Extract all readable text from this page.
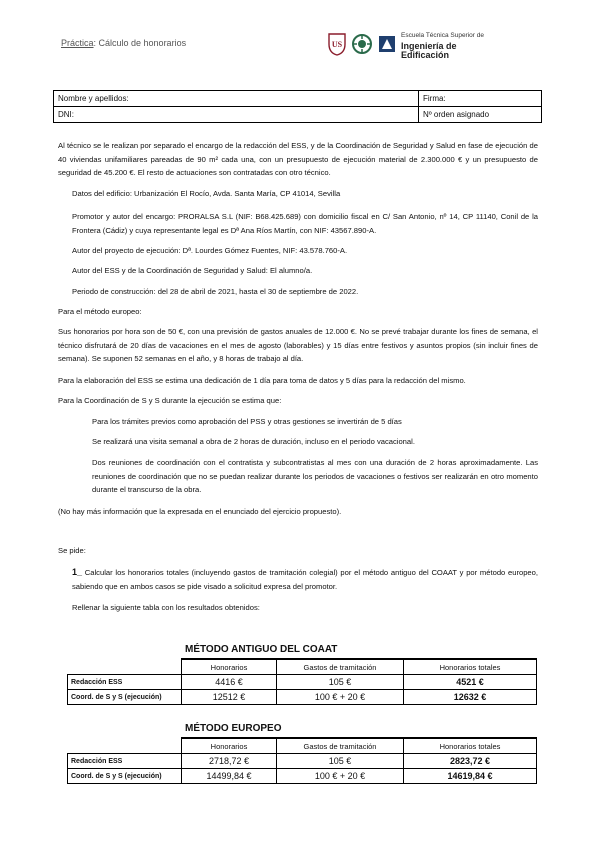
Práctica: Cálculo de honorarios	US
Escuela Técnica Superior de
Ingeniería de Edificación
Nombre y apellidos:	Firma:
DNI:	Nº orden asignado
Al técnico se le realizan por separado el encargo de la redacción del ESS, y de la Coordinación de Seguridad y Salud en fase de ejecución de 40 viviendas unifamiliares pareadas de 90 m² cada una, con un presupuesto de ejecución material de 2.300.000 € y un presupuesto de seguridad de 45.200 €. El resto de actuaciones son contratadas con otro técnico.
Datos del edificio: Urbanización El Rocío, Avda. Santa María, CP 41014, Sevilla
Promotor y autor del encargo: PRORALSA S.L (NIF: B68.425.689) con domicilio fiscal en C/ San Antonio, nº 14, CP 11140, Conil de la Frontera (Cádiz) y cuya representante legal es Dª Ana Ríos Martín, con NIF: 43567.890-A.
Autor del proyecto de ejecución: Dª. Lourdes Gómez Fuentes, NIF: 43.578.760-A.
Autor del ESS y de la Coordinación de Seguridad y Salud: El alumno/a.
Periodo de construcción: del 28 de abril de 2021, hasta el 30 de septiembre de 2022.
Para el método europeo:
Sus honorarios por hora son de 50 €, con una previsión de gastos anuales de 12.000 €. No se prevé trabajar durante los fines de semana, el técnico disfrutará de 20 días de vacaciones en el mes de agosto (laborables) y 15 días entre festivos y asuntos propios (sin incluir fines de semana). Se suponen 52 semanas en el año, y 8 horas de trabajo al día.
Para la elaboración del ESS se estima una dedicación de 1 día para toma de datos y 5 días para la redacción del mismo.
Para la Coordinación de S y S durante la ejecución se estima que:
Para los trámites previos como aprobación del PSS y otras gestiones se invertirán de 5 días
Se realizará una visita semanal a obra de 2 horas de duración, incluso en el periodo vacacional.
Dos reuniones de coordinación con el contratista y subcontratistas al mes con una duración de 2 horas aproximadamente. Las reuniones de coordinación que no se puedan realizar durante los periodos de vacaciones o festivos ser realizarán en otro momento durante el transcurso de la obra.
(No hay más información que la expresada en el enunciado del ejercicio propuesto).
Se pide:
1_ Calcular los honorarios totales (incluyendo gastos de tramitación colegial) por el método antiguo del COAAT y por método europeo, sabiendo que en ambos casos se pide visado a solicitud expresa del promotor.
Rellenar la siguiente tabla con los resultados obtenidos:
MÉTODO ANTIGUO DEL COAAT
	Honorarios	Gastos de tramitación	Honorarios totales
Redacción ESS	4416 €	105 €	4521 €
Coord. de S y S (ejecución)	12512 €	100 € + 20 €	12632 €
MÉTODO EUROPEO
	Honorarios	Gastos de tramitación	Honorarios totales
Redacción ESS	2718,72 €	105 €	2823,72 €
Coord. de S y S (ejecución)	14499,84 €	100 € + 20 €	14619,84 €
